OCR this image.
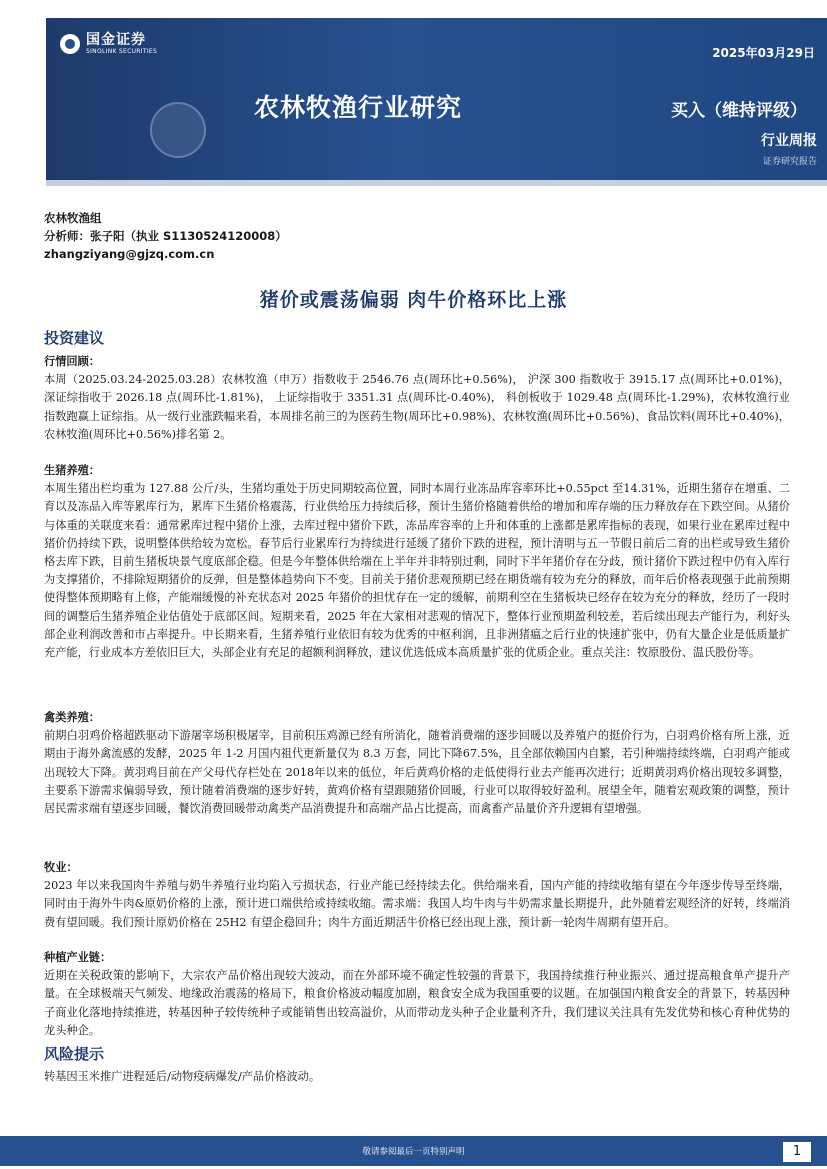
国金证券
SINOLINK SECURITIES	2025年03月29日
农林牧渔行业研究	买入（维持评级）
行业周报
证券研究报告
农林牧渔组
分析师：张子阳（执业 S1130524120008）
zhangziyang@gjzq.com.cn
猪价或震荡偏弱 肉牛价格环比上涨
投资建议
行情回顾：

本周（2025.03.24-2025.03.28）农林牧渔（申万）指数收于 2546.76 点(周环比+0.56%)， 沪深 300 指数收于 3915.17 点(周环比+0.01%)， 深证综指收于 2026.18 点(周环比-1.81%)， 上证综指收于 3351.31 点(周环比-0.40%)， 科创板收于 1029.48 点(周环比-1.29%)，农林牧渔行业指数跑赢上证综指。从一级行业涨跌幅来看，本周排名前三的为医药生物(周环比+0.98%)、农林牧渔(周环比+0.56%)、食品饮料(周环比+0.40%)，农林牧渔(周环比+0.56%)排名第 2。

生猪养殖：

本周生猪出栏均重为 127.88 公斤/头，生猪均重处于历史同期较高位置，同时本周行业冻品库容率环比+0.55pct 至14.31%，近期生猪存在增重、二育以及冻品入库等累库行为，累库下生猪价格震荡，行业供给压力持续后移，预计生猪价格随着供给的增加和库存端的压力释放存在下跌空间。从猪价与体重的关联度来看：通常累库过程中猪价上涨，去库过程中猪价下跌，冻品库容率的上升和体重的上涨都是累库指标的表现，如果行业在累库过程中猪价仍持续下跌，说明整体供给较为宽松。春节后行业累库行为持续进行延缓了猪价下跌的进程，预计清明与五一节假日前后二育的出栏或导致生猪价格去库下跌，目前生猪板块景气度底部企稳。但是今年整体供给端在上半年并非特别过剩，同时下半年猪价存在分歧，预计猪价下跌过程中仍有入库行为支撑猪价，不排除短期猪价的反弹，但是整体趋势向下不变。目前关于猪价悲观预期已经在期货端有较为充分的释放，而年后价格表现强于此前预期使得整体预期略有上修，产能端缓慢的补充状态对 2025 年猪价的担忧存在一定的缓解，前期利空在生猪板块已经存在较为充分的释放，经历了一段时间的调整后生猪养殖企业估值处于底部区间。短期来看，2025 年在大家相对悲观的情况下，整体行业预期盈利较差，若后续出现去产能行为，利好头部企业利润改善和市占率提升。中长期来看，生猪养殖行业依旧有较为优秀的中枢利润，且非洲猪瘟之后行业的快速扩张中，仍有大量企业是低质量扩充产能，行业成本方差依旧巨大，头部企业有充足的超额利润释放，建议优选低成本高质量扩张的优质企业。重点关注：牧原股份、温氏股份等。

禽类养殖：

前期白羽鸡价格超跌驱动下游屠宰场积极屠宰，目前积压鸡源已经有所消化，随着消费端的逐步回暖以及养殖户的挺价行为，白羽鸡价格有所上涨，近期由于海外禽流感的发酵，2025 年 1-2 月国内祖代更新量仅为 8.3 万套，同比下降67.5%，且全部依赖国内自繁，若引种端持续终端，白羽鸡产能或出现较大下降。黄羽鸡目前在产父母代存栏处在 2018年以来的低位，年后黄鸡价格的走低使得行业去产能再次进行；近期黄羽鸡价格出现较多调整，主要系下游需求偏弱导致，预计随着消费端的逐步好转，黄鸡价格有望跟随猪价回暖，行业可以取得较好盈利。展望全年，随着宏观政策的调整，预计居民需求端有望逐步回暖，餐饮消费回暖带动禽类产品消费提升和高端产品占比提高，而禽畜产品量价齐升逻辑有望增强。

牧业：

2023 年以来我国肉牛养殖与奶牛养殖行业均陷入亏损状态，行业产能已经持续去化。供给端来看，国内产能的持续收缩有望在今年逐步传导至终端，同时由于海外牛肉&原奶价格的上涨，预计进口端供给或持续收缩。需求端：我国人均牛肉与牛奶需求量长期提升，此外随着宏观经济的好转，终端消费有望回暖。我们预计原奶价格在 25H2 有望企稳回升；肉牛方面近期活牛价格已经出现上涨，预计新一轮肉牛周期有望开启。

种植产业链：

近期在关税政策的影响下，大宗农产品价格出现较大波动，而在外部环境不确定性较强的背景下，我国持续推行种业振兴、通过提高粮食单产提升产量。在全球极端天气频发、地缘政治震荡的格局下，粮食价格波动幅度加剧，粮食安全成为我国重要的议题。在加强国内粮食安全的背景下，转基因种子商业化落地持续推进，转基因种子较传统种子或能销售出较高溢价，从而带动龙头种子企业量利齐升，我们建议关注具有先发优势和核心育种优势的龙头种企。

风险提示

转基因玉米推广进程延后/动物疫病爆发/产品价格波动。

敬请参阅最后一页特别声明	1
